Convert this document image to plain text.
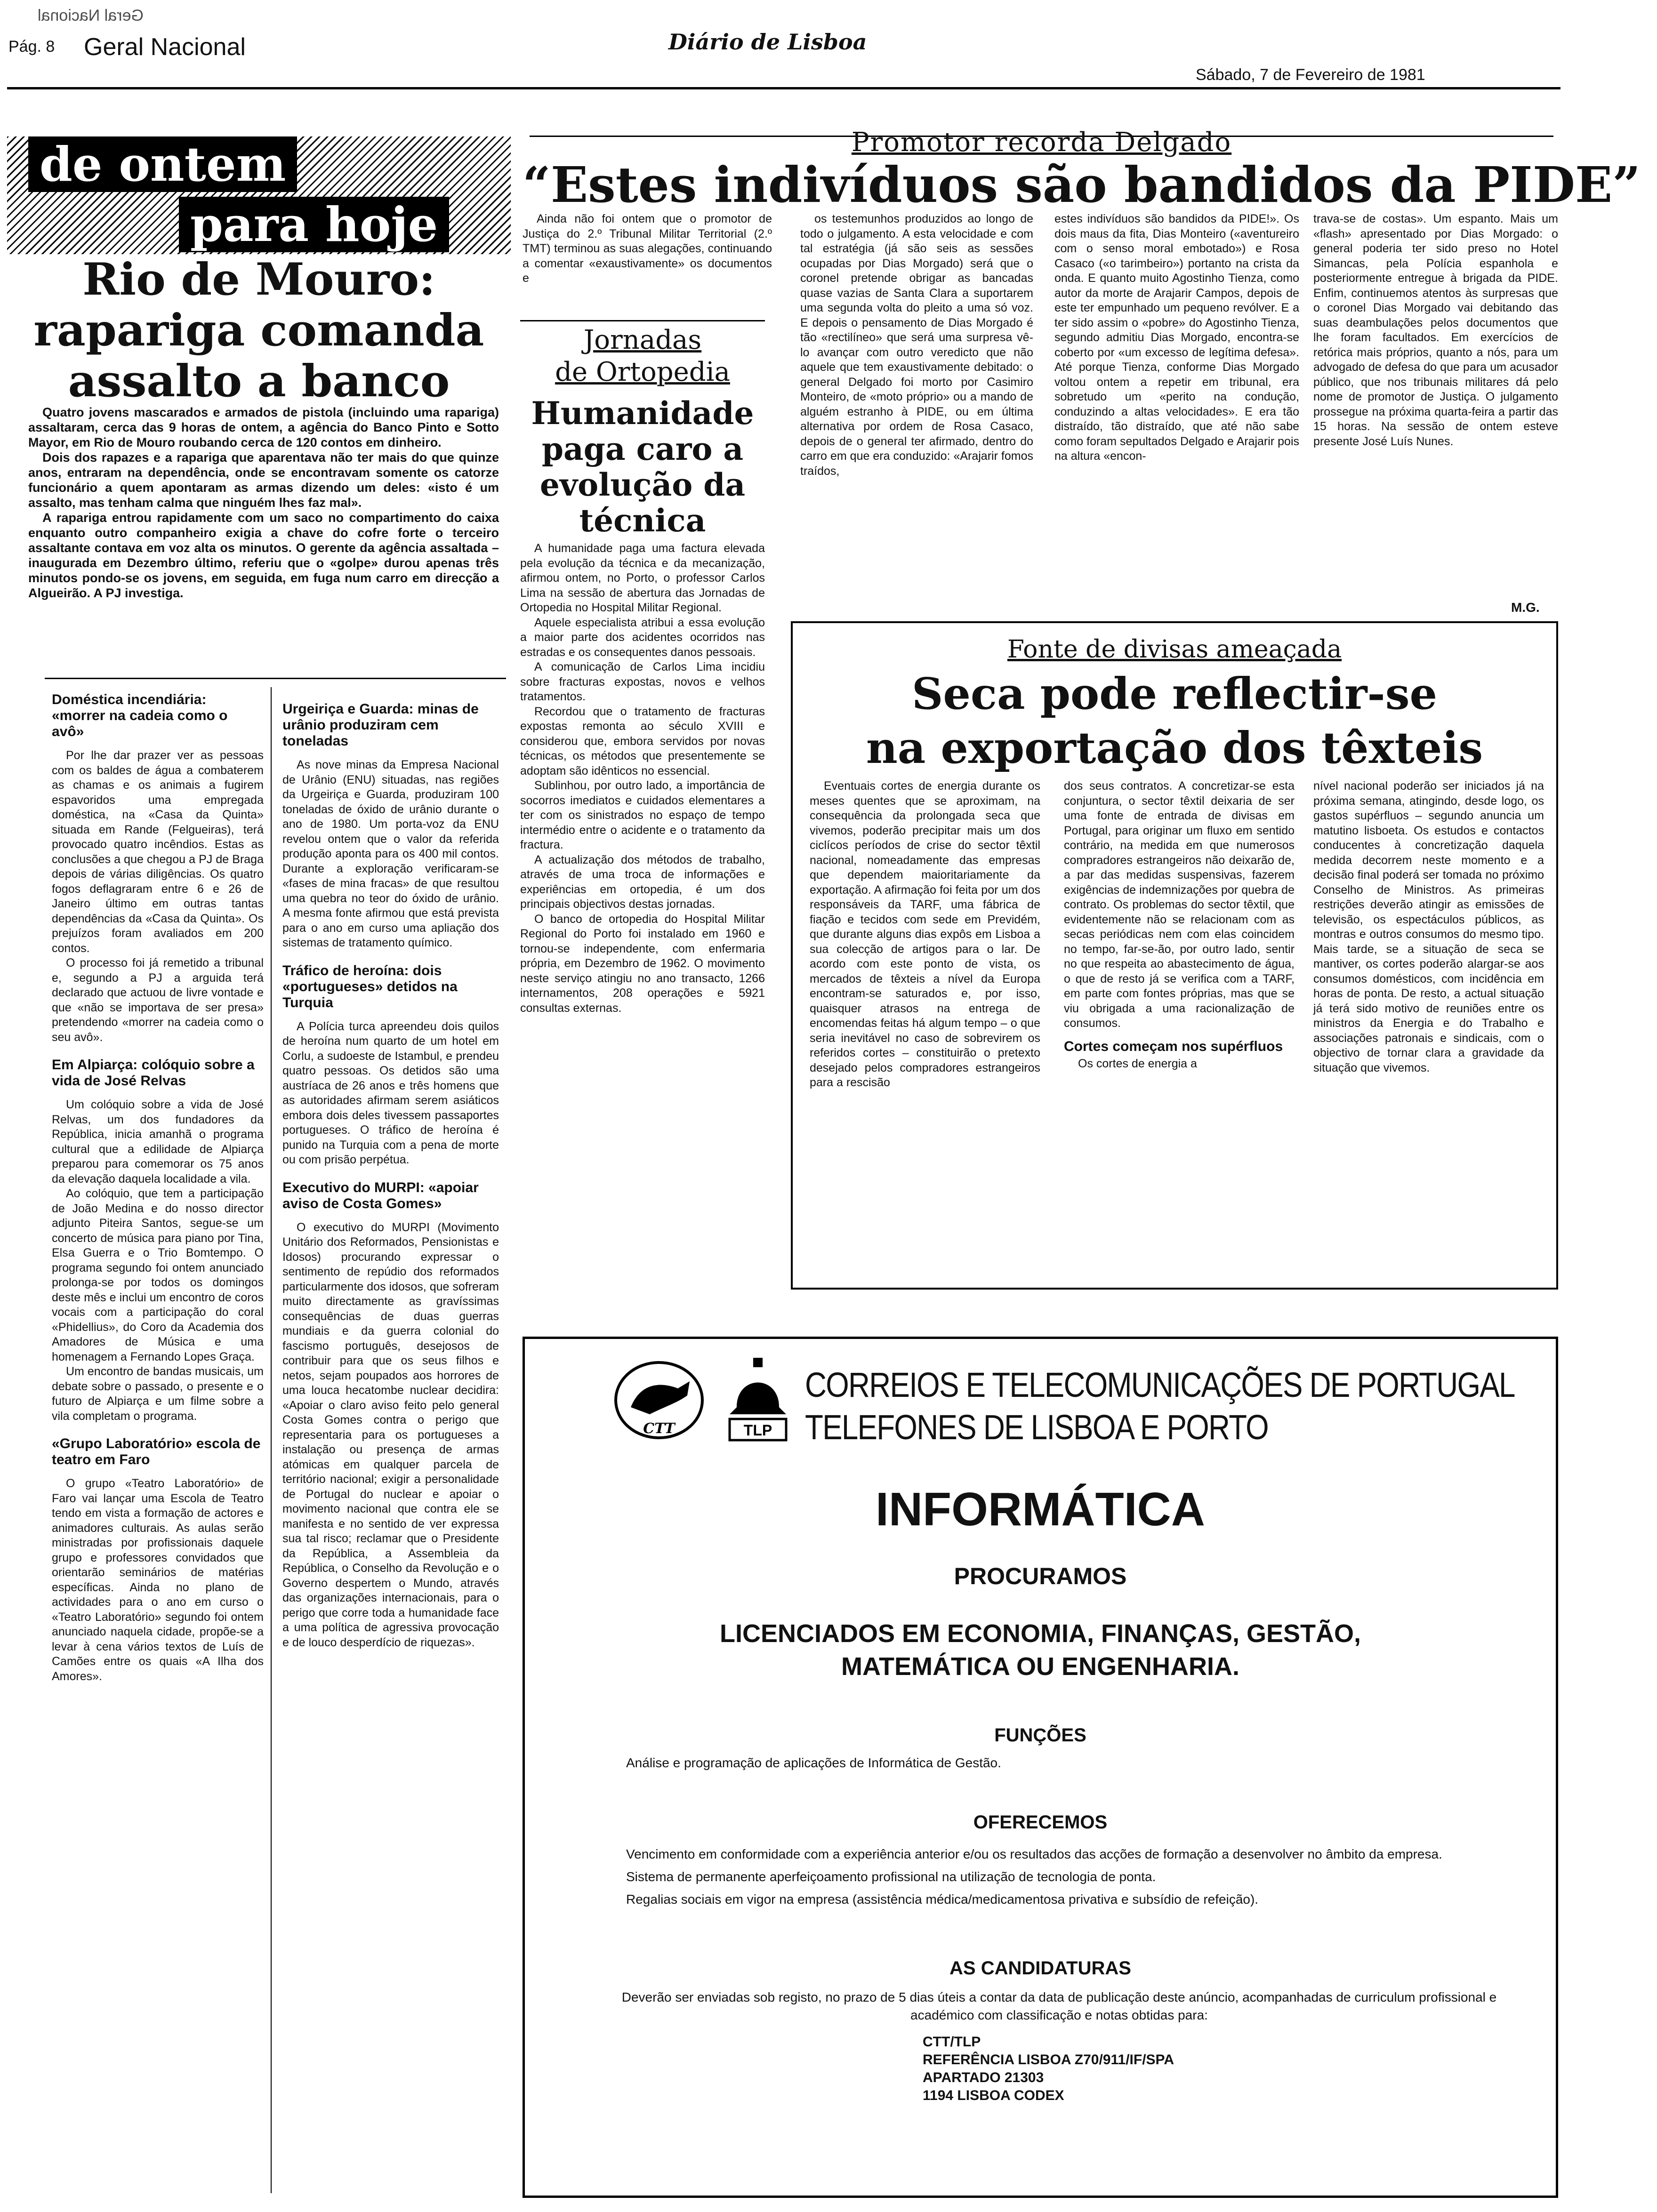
Geral Nacional
Pág. 8 Geral Nacional	Diário de Lisboa
Sábado, 7 de Fevereiro de 1981
de ontem
para hoje
Rio de Mouro: rapariga comanda assalto a banco

Quatro jovens mascarados e armados de pistola (incluindo uma rapariga) assaltaram, cerca das 9 horas de ontem, a agência do Banco Pinto e Sotto Mayor, em Rio de Mouro roubando cerca de 120 contos em dinheiro.

Dois dos rapazes e a rapariga que aparentava não ter mais do que quinze anos, entraram na dependência, onde se encontravam somente os catorze funcionário a quem apontaram as armas dizendo um deles: «isto é um assalto, mas tenham calma que ninguém lhes faz mal».

A rapariga entrou rapidamente com um saco no compartimento do caixa enquanto outro companheiro exigia a chave do cofre forte o terceiro assaltante contava em voz alta os minutos. O gerente da agência assaltada – inaugurada em Dezembro último, referiu que o «golpe» durou apenas três minutos pondo-se os jovens, em seguida, em fuga num carro em direcção a Algueirão. A PJ investiga.

Doméstica incendiária: «morrer na cadeia como o avô»

Por lhe dar prazer ver as pessoas com os baldes de água a combaterem as chamas e os animais a fugirem espavoridos uma empregada doméstica, na «Casa da Quinta» situada em Rande (Felgueiras), terá provocado quatro incêndios. Estas as conclusões a que chegou a PJ de Braga depois de várias diligências. Os quatro fogos deflagraram entre 6 e 26 de Janeiro último em outras tantas dependências da «Casa da Quinta». Os prejuízos foram avaliados em 200 contos.

O processo foi já remetido a tribunal e, segundo a PJ a arguida terá declarado que actuou de livre vontade e que «não se importava de ser presa» pretendendo «morrer na cadeia como o seu avô».

Em Alpiarça: colóquio sobre a vida de José Relvas

Um colóquio sobre a vida de José Relvas, um dos fundadores da República, inicia amanhã o programa cultural que a edilidade de Alpiarça preparou para comemorar os 75 anos da elevação daquela localidade a vila.

Ao colóquio, que tem a participação de João Medina e do nosso director adjunto Piteira Santos, segue-se um concerto de música para piano por Tina, Elsa Guerra e o Trio Bomtempo. O programa segundo foi ontem anunciado prolonga-se por todos os domingos deste mês e inclui um encontro de coros vocais com a participação do coral «Phidellius», do Coro da Academia dos Amadores de Música e uma homenagem a Fernando Lopes Graça.

Um encontro de bandas musicais, um debate sobre o passado, o presente e o futuro de Alpiarça e um filme sobre a vila completam o programa.

«Grupo Laboratório» escola de teatro em Faro

O grupo «Teatro Laboratório» de Faro vai lançar uma Escola de Teatro tendo em vista a formação de actores e animadores culturais. As aulas serão ministradas por profissionais daquele grupo e professores convidados que orientarão seminários de matérias específicas. Ainda no plano de actividades para o ano em curso o «Teatro Laboratório» segundo foi ontem anunciado naquela cidade, propõe-se a levar à cena vários textos de Luís de Camões entre os quais «A Ilha dos Amores».

Urgeiriça e Guarda: minas de urânio produziram cem toneladas

As nove minas da Empresa Nacional de Urânio (ENU) situadas, nas regiões da Urgeiriça e Guarda, produziram 100 toneladas de óxido de urânio durante o ano de 1980. Um porta-voz da ENU revelou ontem que o valor da referida produção aponta para os 400 mil contos. Durante a exploração verificaram-se «fases de mina fracas» de que resultou uma quebra no teor do óxido de urânio. A mesma fonte afirmou que está prevista para o ano em curso uma apliação dos sistemas de tratamento químico.

Tráfico de heroína: dois «portugueses» detidos na Turquia

A Polícia turca apreendeu dois quilos de heroína num quarto de um hotel em Corlu, a sudoeste de Istambul, e prendeu quatro pessoas. Os detidos são uma austríaca de 26 anos e três homens que as autoridades afirmam serem asiáticos embora dois deles tivessem passaportes portugueses. O tráfico de heroína é punido na Turquia com a pena de morte ou com prisão perpétua.

Executivo do MURPI: «apoiar aviso de Costa Gomes»

O executivo do MURPI (Movimento Unitário dos Reformados, Pensionistas e Idosos) procurando expressar o sentimento de repúdio dos reformados particularmente dos idosos, que sofreram muito directamente as gravíssimas consequências de duas guerras mundiais e da guerra colonial do fascismo português, desejosos de contribuir para que os seus filhos e netos, sejam poupados aos horrores de uma louca hecatombe nuclear decidira: «Apoiar o claro aviso feito pelo general Costa Gomes contra o perigo que representaria para os portugueses a instalação ou presença de armas atómicas em qualquer parcela de território nacional; exigir a personalidade de Portugal do nuclear e apoiar o movimento nacional que contra ele se manifesta e no sentido de ver expressa sua tal risco; reclamar que o Presidente da República, a Assembleia da República, o Conselho da Revolução e o Governo despertem o Mundo, através das organizações internacionais, para o perigo que corre toda a humanidade face a uma política de agressiva provocação e de louco desperdício de riquezas».

Promotor recorda Delgado
“Estes indivíduos são bandidos da PIDE”

Ainda não foi ontem que o promotor de Justiça do 2.º Tribunal Militar Territorial (2.º TMT) terminou as suas alegações, continuando a comentar «exaustivamente» os documentos e

os testemunhos produzidos ao longo de todo o julgamento. A esta velocidade e com tal estratégia (já são seis as sessões ocupadas por Dias Morgado) será que o coronel pretende obrigar as bancadas quase vazias de Santa Clara a suportarem uma segunda volta do pleito a uma só voz. E depois o pensamento de Dias Morgado é tão «rectilíneo» que será uma surpresa vê-lo avançar com outro veredicto que não aquele que tem exaustivamente debitado: o general Delgado foi morto por Casimiro Monteiro, de «moto próprio» ou a mando de alguém estranho à PIDE, ou em última alternativa por ordem de Rosa Casaco, depois de o general ter afirmado, dentro do carro em que era conduzido: «Arajarir fomos traídos,

estes indivíduos são bandidos da PIDE!». Os dois maus da fita, Dias Monteiro («aventureiro com o senso moral embotado») e Rosa Casaco («o tarimbeiro») portanto na crista da onda. E quanto muito Agostinho Tienza, como autor da morte de Arajarir Campos, depois de este ter empunhado um pequeno revólver. E a ter sido assim o «pobre» do Agostinho Tienza, segundo admitiu Dias Morgado, encontra-se coberto por «um excesso de legítima defesa». Até porque Tienza, conforme Dias Morgado voltou ontem a repetir em tribunal, era sobretudo um «perito na condução, conduzindo a altas velocidades». E era tão distraído, tão distraído, que até não sabe como foram sepultados Delgado e Arajarir pois na altura «encon-

trava-se de costas». Um espanto. Mais um «flash» apresentado por Dias Morgado: o general poderia ter sido preso no Hotel Simancas, pela Polícia espanhola e posteriormente entregue à brigada da PIDE. Enfim, continuemos atentos às surpresas que o coronel Dias Morgado vai debitando das suas deambulações pelos documentos que lhe foram facultados. Em exercícios de retórica mais próprios, quanto a nós, para um advogado de defesa do que para um acusador público, que nos tribunais militares dá pelo nome de promotor de Justiça. O julgamento prossegue na próxima quarta-feira a partir das 15 horas. Na sessão de ontem esteve presente José Luís Nunes.

M.G.
Jornadas
de Ortopedia
Humanidade paga caro a evolução da técnica

A humanidade paga uma factura elevada pela evolução da técnica e da mecanização, afirmou ontem, no Porto, o professor Carlos Lima na sessão de abertura das Jornadas de Ortopedia no Hospital Militar Regional.

Aquele especialista atribui a essa evolução a maior parte dos acidentes ocorridos nas estradas e os consequentes danos pessoais.

A comunicação de Carlos Lima incidiu sobre fracturas expostas, novos e velhos tratamentos.

Recordou que o tratamento de fracturas expostas remonta ao século XVIII e considerou que, embora servidos por novas técnicas, os métodos que presentemente se adoptam são idênticos no essencial.

Sublinhou, por outro lado, a importância de socorros imediatos e cuidados elementares a ter com os sinistrados no espaço de tempo intermédio entre o acidente e o tratamento da fractura.

A actualização dos métodos de trabalho, através de uma troca de informações e experiências em ortopedia, é um dos principais objectivos destas jornadas.

O banco de ortopedia do Hospital Militar Regional do Porto foi instalado em 1960 e tornou-se independente, com enfermaria própria, em Dezembro de 1962. O movimento neste serviço atingiu no ano transacto, 1266 internamentos, 208 operações e 5921 consultas externas.

Fonte de divisas ameaçada
Seca pode reflectir-se
na exportação dos têxteis

Eventuais cortes de energia durante os meses quentes que se aproximam, na consequência da prolongada seca que vivemos, poderão precipitar mais um dos ciclícos períodos de crise do sector têxtil nacional, nomeadamente das empresas que dependem maioritariamente da exportação. A afirmação foi feita por um dos responsáveis da TARF, uma fábrica de fiação e tecidos com sede em Previdém, que durante alguns dias expôs em Lisboa a sua colecção de artigos para o lar. De acordo com este ponto de vista, os mercados de têxteis a nível da Europa encontram-se saturados e, por isso, quaisquer atrasos na entrega de encomendas feitas há algum tempo – o que seria inevitável no caso de sobrevirem os referidos cortes – constituirão o pretexto desejado pelos compradores estrangeiros para a rescisão

dos seus contratos. A concretizar-se esta conjuntura, o sector têxtil deixaria de ser uma fonte de entrada de divisas em Portugal, para originar um fluxo em sentido contrário, na medida em que numerosos compradores estrangeiros não deixarão de, a par das medidas suspensivas, fazerem exigências de indemnizações por quebra de contrato. Os problemas do sector têxtil, que evidentemente não se relacionam com as secas periódicas nem com elas coincidem no tempo, far-se-ão, por outro lado, sentir no que respeita ao abastecimento de água, o que de resto já se verifica com a TARF, em parte com fontes próprias, mas que se viu obrigada a uma racionalização de consumos.

Cortes começam nos supérfluos

Os cortes de energia a

nível nacional poderão ser iniciados já na próxima semana, atingindo, desde logo, os gastos supérfluos – segundo anuncia um matutino lisboeta. Os estudos e contactos conducentes à concretização daquela medida decorrem neste momento e a decisão final poderá ser tomada no próximo Conselho de Ministros. As primeiras restrições deverão atingir as emissões de televisão, os espectáculos públicos, as montras e outros consumos do mesmo tipo. Mais tarde, se a situação de seca se mantiver, os cortes poderão alargar-se aos consumos domésticos, com incidência em horas de ponta. De resto, a actual situação já terá sido motivo de reuniões entre os ministros da Energia e do Trabalho e associações patronais e sindicais, com o objectivo de tornar clara a gravidade da situação que vivemos.

CTT	TLP
CORREIOS E TELECOMUNICAÇÕES DE PORTUGAL
TELEFONES DE LISBOA E PORTO
INFORMÁTICA
PROCURAMOS
LICENCIADOS EM ECONOMIA, FINANÇAS, GESTÃO,
MATEMÁTICA OU ENGENHARIA.
FUNÇÕES
Análise e programação de aplicações de Informática de Gestão.
OFERECEMOS
Vencimento em conformidade com a experiência anterior e/ou os resultados das acções de formação a desenvolver no âmbito da empresa.
Sistema de permanente aperfeiçoamento profissional na utilização de tecnologia de ponta.
Regalias sociais em vigor na empresa (assistência médica/medicamentosa privativa e subsídio de refeição).
AS CANDIDATURAS
Deverão ser enviadas sob registo, no prazo de 5 dias úteis a contar da data de publicação deste anúncio, acompanhadas de curriculum profissional e académico com classificação e notas obtidas para:
CTT/TLP
REFERÊNCIA LISBOA Z70/911/IF/SPA
APARTADO 21303
1194 LISBOA CODEX
